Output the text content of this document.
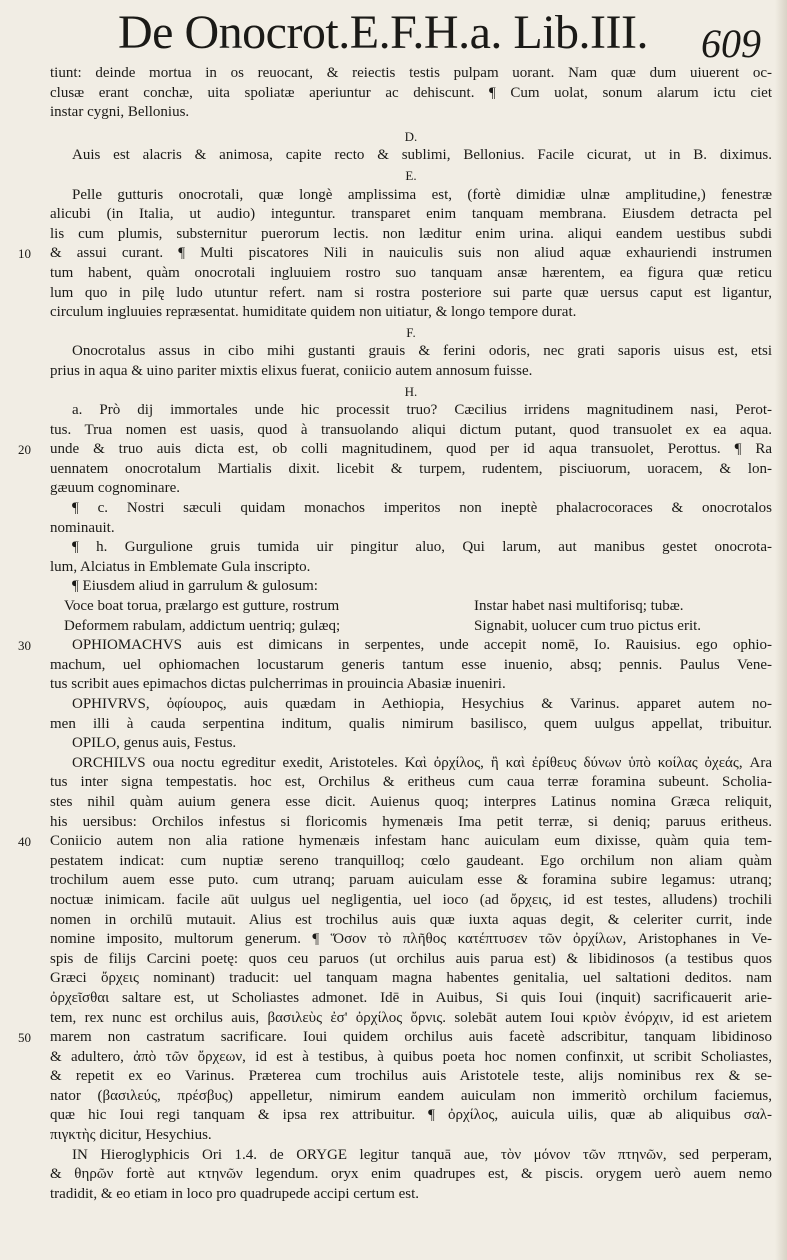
De Onocrot.E.F.H.a. Lib.III. 609
tiunt: deinde mortua in os reuocant, & reiectis testis pulpam uorant. Nam quæ dum uiuerent oc-
clusæ erant conchæ, uita spoliatæ aperiuntur ac dehiscunt. ¶ Cum uolat, sonum alarum ictu ciet
instar cygni, Bellonius.
D.
Auis est alacris & animosa, capite recto & sublimi, Bellonius. Facile cicurat, ut in B. diximus.
E.
Pelle gutturis onocrotali, quæ longè amplissima est, (fortè dimidiæ ulnæ amplitudine,) fenestræ
alicubi (in Italia, ut audio) integuntur. transparet enim tanquam membrana. Eiusdem detracta pel
lis cum plumis, substernitur puerorum lectis. non læditur enim urina. aliqui eandem uestibus subdi
10	& assui curant. ¶ Multi piscatores Nili in nauiculis suis non aliud aquæ exhauriendi instrumen
tum habent, quàm onocrotali ingluuiem rostro suo tanquam ansæ hærentem, ea figura quæ reticu
lum quo in pilę ludo utuntur refert. nam si rostra posteriore sui parte quæ uersus caput est ligantur,
circulum ingluuies repræsentat. humiditate quidem non uitiatur, & longo tempore durat.
F.
Onocrotalus assus in cibo mihi gustanti grauis & ferini odoris, nec grati saporis uisus est, etsi
prius in aqua & uino pariter mixtis elixus fuerat, coniicio autem annosum fuisse.
H.
a. Prò dij immortales unde hic processit truo? Cæcilius irridens magnitudinem nasi, Perot-
tus. Trua nomen est uasis, quod à transuolando aliqui dictum putant, quod transuolet ex ea aqua.
20	unde & truo auis dicta est, ob colli magnitudinem, quod per id aqua transuolet, Perottus. ¶ Ra
uennatem onocrotalum Martialis dixit. licebit & turpem, rudentem, pisciuorum, uoracem, & lon-
gæuum cognominare.
¶ c. Nostri sæculi quidam monachos imperitos non ineptè phalacrocoraces & onocrotalos
nominauit.
¶ h. Gurgulione gruis tumida uir pingitur aluo, Qui larum, aut manibus gestet onocrota-
lum, Alciatus in Emblemate Gula inscripto.
¶ Eiusdem aliud in garrulum & gulosum:
Voce boat torua, prælargo est gutture, rostrum	Instar habet nasi multiforisq; tubæ.
Deformem rabulam, addictum uentriq; gulæq;	Signabit, uolucer cum truo pictus erit.
30	OPHIOMACHVS auis est dimicans in serpentes, unde accepit nomē, Io. Rauisius. ego ophio-
machum, uel ophiomachen locustarum generis tantum esse inuenio, absq; pennis. Paulus Vene-
tus scribit aues epimachos dictas pulcherrimas in prouincia Abasiæ inueniri.
OPHIVRVS, ὀφίουρος, auis quædam in Aethiopia, Hesychius & Varinus. apparet autem no-
men illi à cauda serpentina inditum, qualis nimirum basilisco, quem uulgus appellat, tribuitur.
OPILO, genus auis, Festus.
ORCHILVS oua noctu egreditur exedit, Aristoteles. Καὶ ὀρχίλος, ἢ καὶ ἐρίθευς δύνων ὑπὸ κοίλας ὀχεάς, Ara
tus inter signa tempestatis. hoc est, Orchilus & eritheus cum caua terræ foramina subeunt. Scholia-
stes nihil quàm auium genera esse dicit. Auienus quoq; interpres Latinus nomina Græca reliquit,
his uersibus: Orchilos infestus si floricomis hymenæis Ima petit terræ, si deniq; paruus eritheus.
40	Coniicio autem non alia ratione hymenæis infestam hanc auiculam eum dixisse, quàm quia tem-
pestatem indicat: cum nuptiæ sereno tranquilloq; cœlo gaudeant. Ego orchilum non aliam quàm
trochilum auem esse puto. cum utranq; paruam auiculam esse & foramina subire legamus: utranq;
noctuæ inimicam. facile aūt uulgus uel negligentia, uel ioco (ad ὄρχεις, id est testes, alludens) trochili
nomen in orchilū mutauit. Alius est trochilus auis quæ iuxta aquas degit, & celeriter currit, inde
nomine imposito, multorum generum. ¶ Ὅσον τὸ πλῆθος κατέπτυσεν τῶν ὀρχίλων, Aristophanes in Ve-
spis de filijs Carcini poetę: quos ceu paruos (ut orchilus auis parua est) & libidinosos (a testibus quos
Græci ὄρχεις nominant) traducit: uel tanquam magna habentes genitalia, uel saltationi deditos. nam
ὀρχεῖσθαι saltare est, ut Scholiastes admonet. Idē in Auibus, Si quis Ioui (inquit) sacrificauerit arie-
tem, rex nunc est orchilus auis, βασιλεὺς ἐσ' ὀρχίλος ὄρνις. solebāt autem Ioui κριὸν ἐνόρχιν, id est arietem
50	marem non castratum sacrificare. Ioui quidem orchilus auis facetè adscribitur, tanquam libidinoso
& adultero, ἀπὸ τῶν ὄρχεων, id est à testibus, à quibus poeta hoc nomen confinxit, ut scribit Scholiastes,
& repetit ex eo Varinus. Præterea cum trochilus auis Aristotele teste, alijs nominibus rex & se-
nator (βασιλεύς, πρέσβυς) appelletur, nimirum eandem auiculam non immeritò orchilum faciemus,
quæ hic Ioui regi tanquam & ipsa rex attribuitur. ¶ ὀρχίλος, auicula uilis, quæ ab aliquibus σαλ-
πιγκτὴς dicitur, Hesychius.
IN Hieroglyphicis Ori 1.4. de ORYGE legitur tanquā aue, τὸν μόνον τῶν πτηνῶν, sed perperam,
& θηρῶν fortè aut κτηνῶν legendum. oryx enim quadrupes est, & piscis. orygem uerò auem nemo
tradidit, & eo etiam in loco pro quadrupede accipi certum est.
